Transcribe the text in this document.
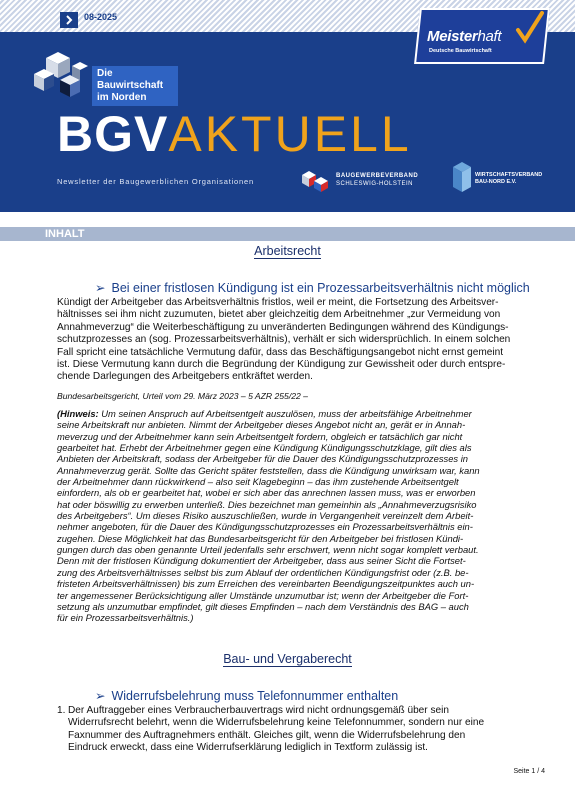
08-2025
Die Bauwirtschaft im Norden
Meisterhaft
Deutsche Bauwirtschaft
BGVAKTUELL
Newsletter der Baugewerblichen Organisationen
BAUGEWERBEVERBAND
SCHLESWIG-HOLSTEIN
WIRTSCHAFTSVERBAND
BAU-NORD E.V.
INHALT
Arbeitsrecht
➢ Bei einer fristlosen Kündigung ist ein Prozessarbeitsverhältnis nicht möglich
Kündigt der Arbeitgeber das Arbeitsverhältnis fristlos, weil er meint, die Fortsetzung des Arbeitsver-
hältnisses sei ihm nicht zuzumuten, bietet aber gleichzeitig dem Arbeitnehmer „zur Vermeidung von
Annahmeverzug“ die Weiterbeschäftigung zu unveränderten Bedingungen während des Kündigungs-
schutzprozesses an (sog. Prozessarbeitsverhältnis), verhält er sich widersprüchlich. In einem solchen
Fall spricht eine tatsächliche Vermutung dafür, dass das Beschäftigungsangebot nicht ernst gemeint
ist. Diese Vermutung kann durch die Begründung der Kündigung zur Gewissheit oder durch entspre-
chende Darlegungen des Arbeitgebers entkräftet werden.
Bundesarbeitsgericht, Urteil vom 29. März 2023 – 5 AZR 255/22 –
(Hinweis: Um seinen Anspruch auf Arbeitsentgelt auszulösen, muss der arbeitsfähige Arbeitnehmer
seine Arbeitskraft nur anbieten. Nimmt der Arbeitgeber dieses Angebot nicht an, gerät er in Annah-
meverzug und der Arbeitnehmer kann sein Arbeitsentgelt fordern, obgleich er tatsächlich gar nicht
gearbeitet hat. Erhebt der Arbeitnehmer gegen eine Kündigung Kündigungsschutzklage, gilt dies als
Anbieten der Arbeitskraft, sodass der Arbeitgeber für die Dauer des Kündigungsschutzprozesses in
Annahmeverzug gerät. Sollte das Gericht später feststellen, dass die Kündigung unwirksam war, kann
der Arbeitnehmer dann rückwirkend – also seit Klagebeginn – das ihm zustehende Arbeitsentgelt
einfordern, als ob er gearbeitet hat, wobei er sich aber das anrechnen lassen muss, was er erworben
hat oder böswillig zu erwerben unterließ. Dies bezeichnet man gemeinhin als „Annahmeverzugsrisiko
des Arbeitgebers“. Um dieses Risiko auszuschließen, wurde in Vergangenheit vereinzelt dem Arbeit-
nehmer angeboten, für die Dauer des Kündigungsschutzprozesses ein Prozessarbeitsverhältnis ein-
zugehen. Diese Möglichkeit hat das Bundesarbeitsgericht für den Arbeitgeber bei fristlosen Kündi-
gungen durch das oben genannte Urteil jedenfalls sehr erschwert, wenn nicht sogar komplett verbaut.
Denn mit der fristlosen Kündigung dokumentiert der Arbeitgeber, dass aus seiner Sicht die Fortset-
zung des Arbeitsverhältnisses selbst bis zum Ablauf der ordentlichen Kündigungsfrist oder (z.B. be-
fristeten Arbeitsverhältnissen) bis zum Erreichen des vereinbarten Beendigungszeitpunktes auch un-
ter angemessener Berücksichtigung aller Umstände unzumutbar ist; wenn der Arbeitgeber die Fort-
setzung als unzumutbar empfindet, gilt dieses Empfinden – nach dem Verständnis des BAG – auch
für ein Prozessarbeitsverhältnis.)
Bau- und Vergaberecht
➢ Widerrufsbelehrung muss Telefonnummer enthalten
1. Der Auftraggeber eines Verbraucherbauvertrags wird nicht ordnungsgemäß über sein
Widerrufsrecht belehrt, wenn die Widerrufsbelehrung keine Telefonnummer, sondern nur eine
Faxnummer des Auftragnehmers enthält. Gleiches gilt, wenn die Widerrufsbelehrung den
Eindruck erweckt, dass eine Widerrufserklärung lediglich in Textform zulässig ist.
Seite 1 / 4
